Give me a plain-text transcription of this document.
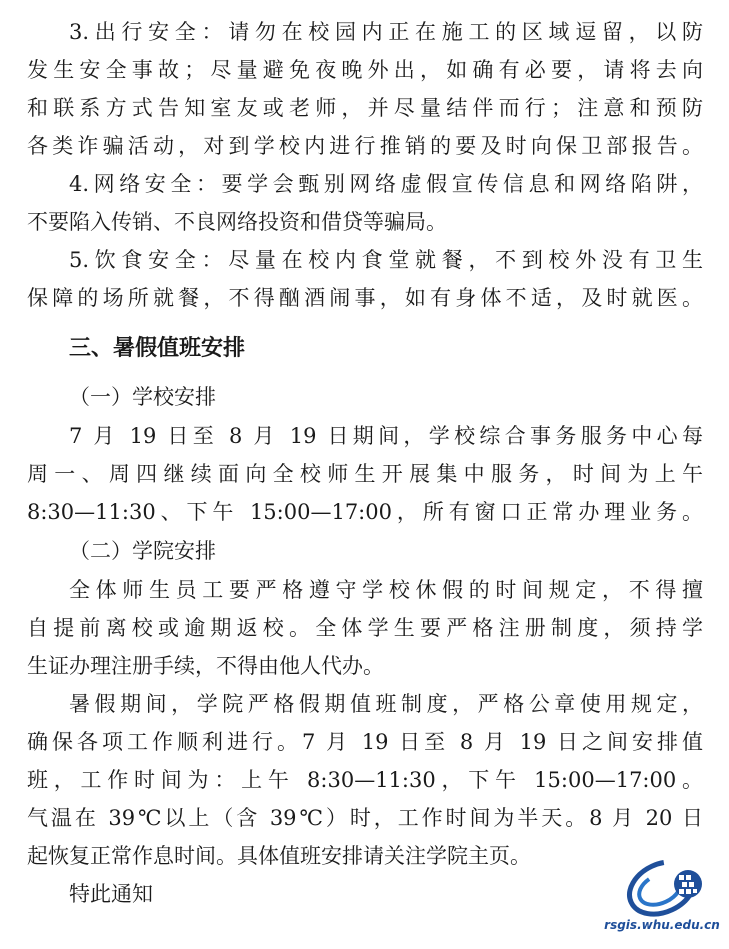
3.出行安全：请勿在校园内正在施工的区域逗留，以防
发生安全事故；尽量避免夜晚外出，如确有必要，请将去向
和联系方式告知室友或老师，并尽量结伴而行；注意和预防
各类诈骗活动，对到学校内进行推销的要及时向保卫部报告。
4.网络安全：要学会甄别网络虚假宣传信息和网络陷阱，
不要陷入传销、不良网络投资和借贷等骗局。
5.饮食安全：尽量在校内食堂就餐，不到校外没有卫生
保障的场所就餐，不得酗酒闹事，如有身体不适，及时就医。
三、暑假值班安排
（一）学校安排
7 月 19 日至 8 月 19 日期间，学校综合事务服务中心每
周一、周四继续面向全校师生开展集中服务，时间为上午
8:30—11:30、下午 15:00—17:00，所有窗口正常办理业务。
（二）学院安排
全体师生员工要严格遵守学校休假的时间规定，不得擅
自提前离校或逾期返校。全体学生要严格注册制度，须持学
生证办理注册手续，不得由他人代办。
暑假期间，学院严格假期值班制度，严格公章使用规定，
确保各项工作顺利进行。7 月 19 日至 8 月 19 日之间安排值
班，工作时间为：上午 8:30—11:30，下午 15:00—17:00。
气温在 39℃以上（含 39℃）时，工作时间为半天。8 月 20 日
起恢复正常作息时间。具体值班安排请关注学院主页。
特此通知
rsgis.whu.edu.cn
